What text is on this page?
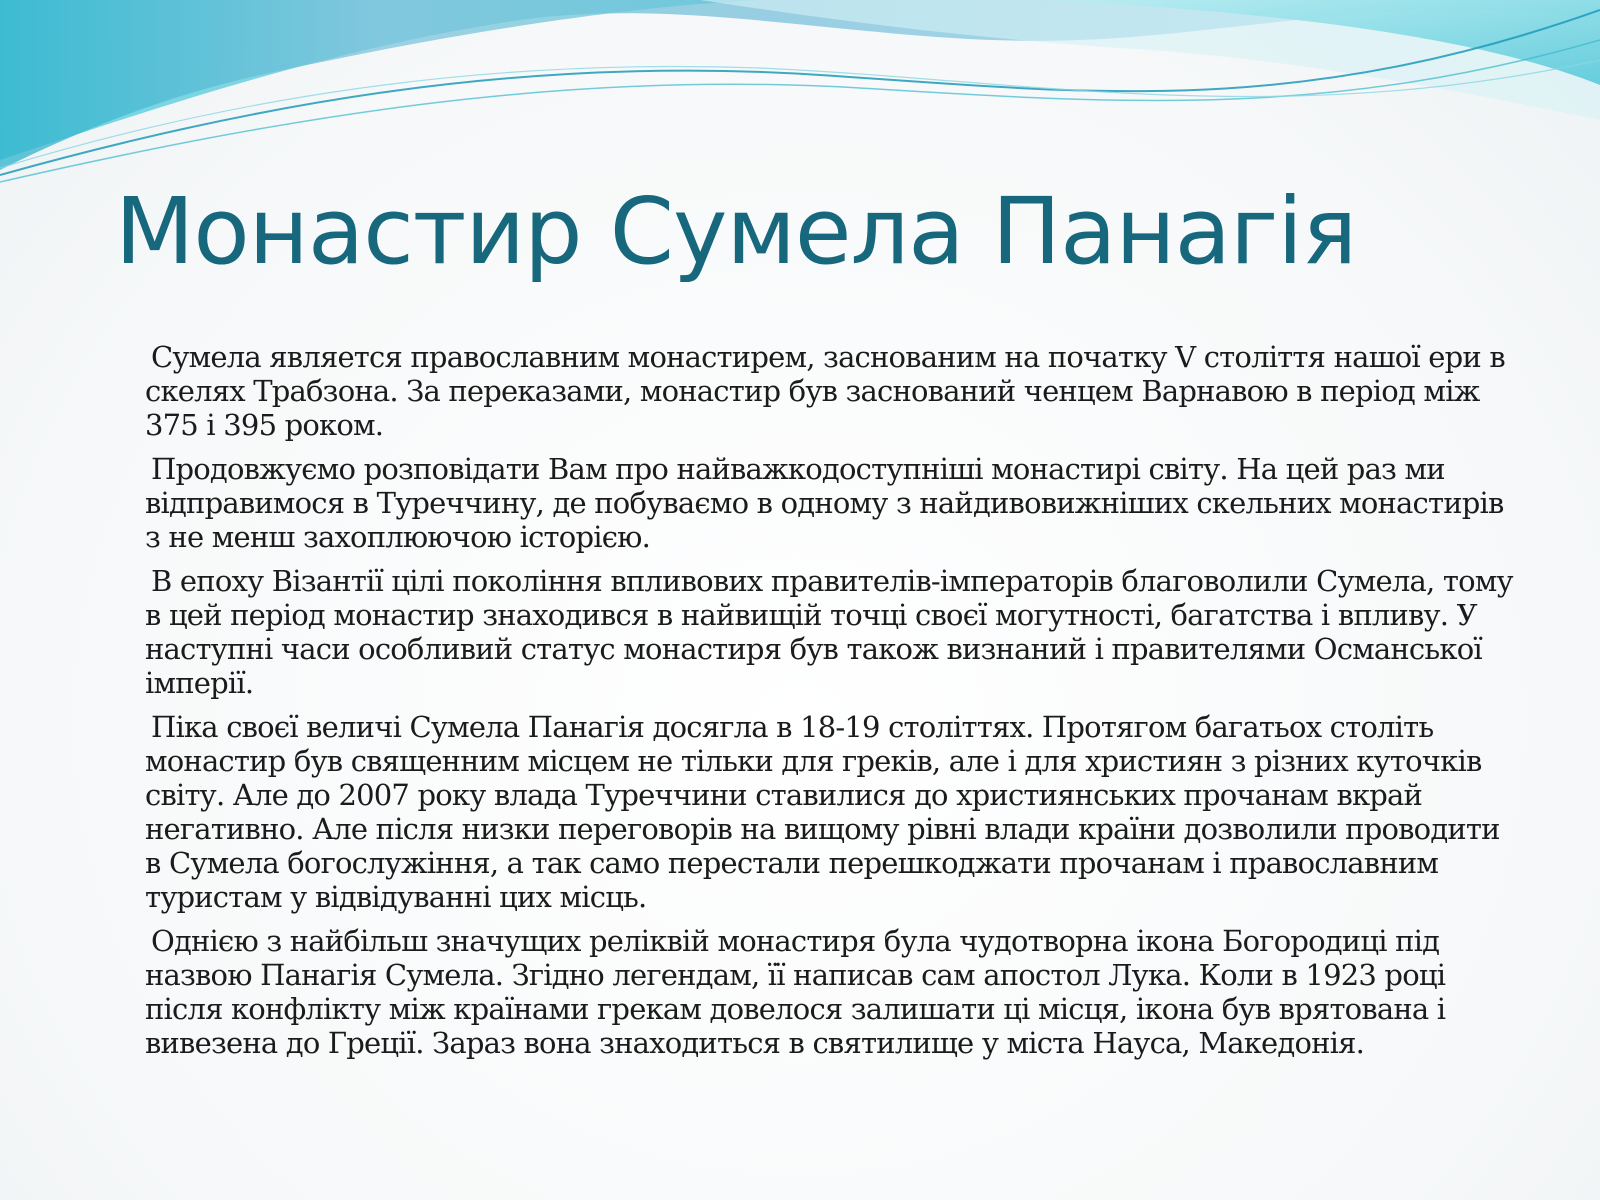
Монастир Сумела Панагія

Сумела является православним монастирем, заснованим на початку V століття нашої ери в скелях Трабзона. За переказами, монастир був заснований ченцем Варнавою в період між 375 і 395 роком.

Продовжуємо розповідати Вам про найважкодоступніші монастирі світу. На цей раз ми відправимося в Туреччину, де побуваємо в одному з найдивовижніших скельних монастирів з не менш захоплюючою історією.

В епоху Візантії цілі покоління впливових правителів-імператорів благоволили Сумела, тому в цей період монастир знаходився в найвищій точці своєї могутності, багатства і впливу. У наступні часи особливий статус монастиря був також визнаний і правителями Османської імперії.

Піка своєї величі Сумела Панагія досягла в 18-19 століттях. Протягом багатьох століть монастир був священним місцем не тільки для греків, але і для християн з різних куточків світу. Але до 2007 року влада Туреччини ставилися до християнських прочанам вкрай негативно. Але після низки переговорів на вищому рівні влади країни дозволили проводити в Сумела богослужіння, а так само перестали перешкоджати прочанам і православним туристам у відвідуванні цих місць.

Однією з найбільш значущих реліквій монастиря була чудотворна ікона Богородиці під назвою Панагія Сумела. Згідно легендам, її написав сам апостол Лука. Коли в 1923 році після конфлікту між країнами грекам довелося залишати ці місця, ікона був врятована і вивезена до Греції. Зараз вона знаходиться в святилище у міста Науса, Македонія.
